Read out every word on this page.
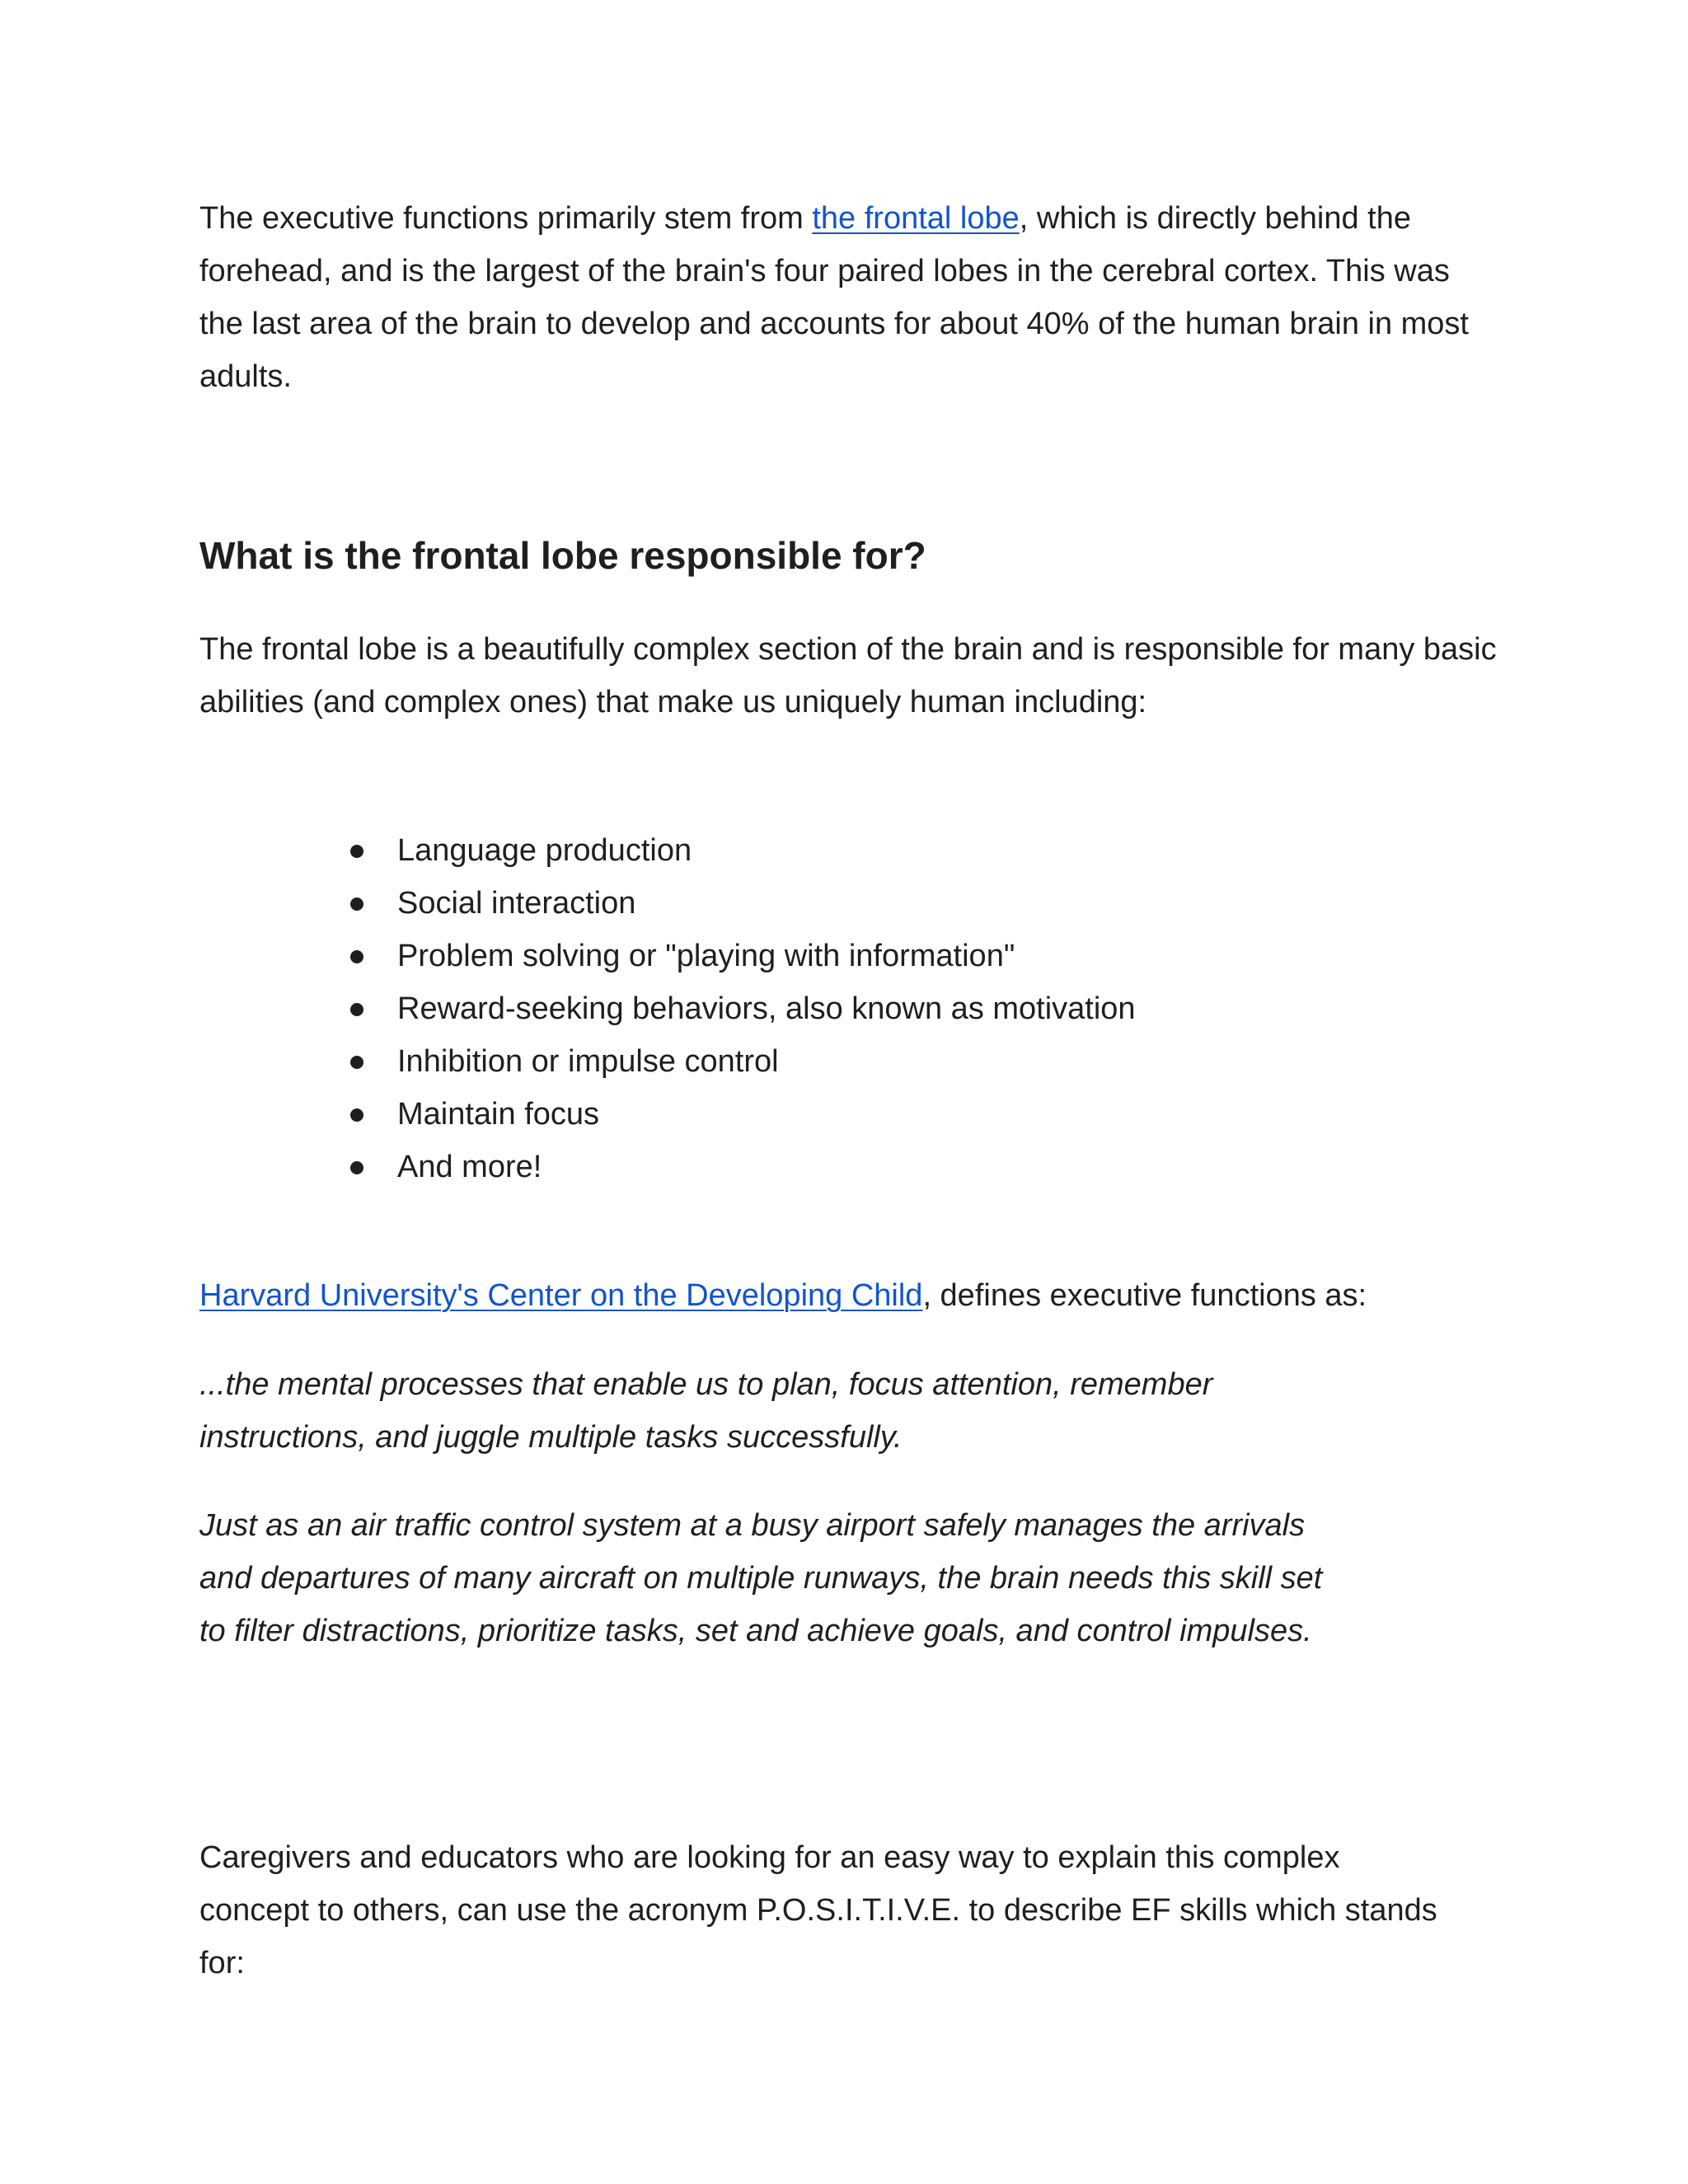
The executive functions primarily stem from the frontal lobe, which is directly behind the forehead, and is the largest of the brain's four paired lobes in the cerebral cortex. This was the last area of the brain to develop and accounts for about 40% of the human brain in most adults.

What is the frontal lobe responsible for?

The frontal lobe is a beautifully complex section of the brain and is responsible for many basic abilities (and complex ones) that make us uniquely human including:

Language production
Social interaction
Problem solving or "playing with information"
Reward-seeking behaviors, also known as motivation
Inhibition or impulse control
Maintain focus
And more!

Harvard University's Center on the Developing Child, defines executive functions as:

...the mental processes that enable us to plan, focus attention, remember instructions, and juggle multiple tasks successfully.

Just as an air traffic control system at a busy airport safely manages the arrivals and departures of many aircraft on multiple runways, the brain needs this skill set to filter distractions, prioritize tasks, set and achieve goals, and control impulses.

Caregivers and educators who are looking for an easy way to explain this complex concept to others, can use the acronym P.O.S.I.T.I.V.E. to describe EF skills which stands for:
